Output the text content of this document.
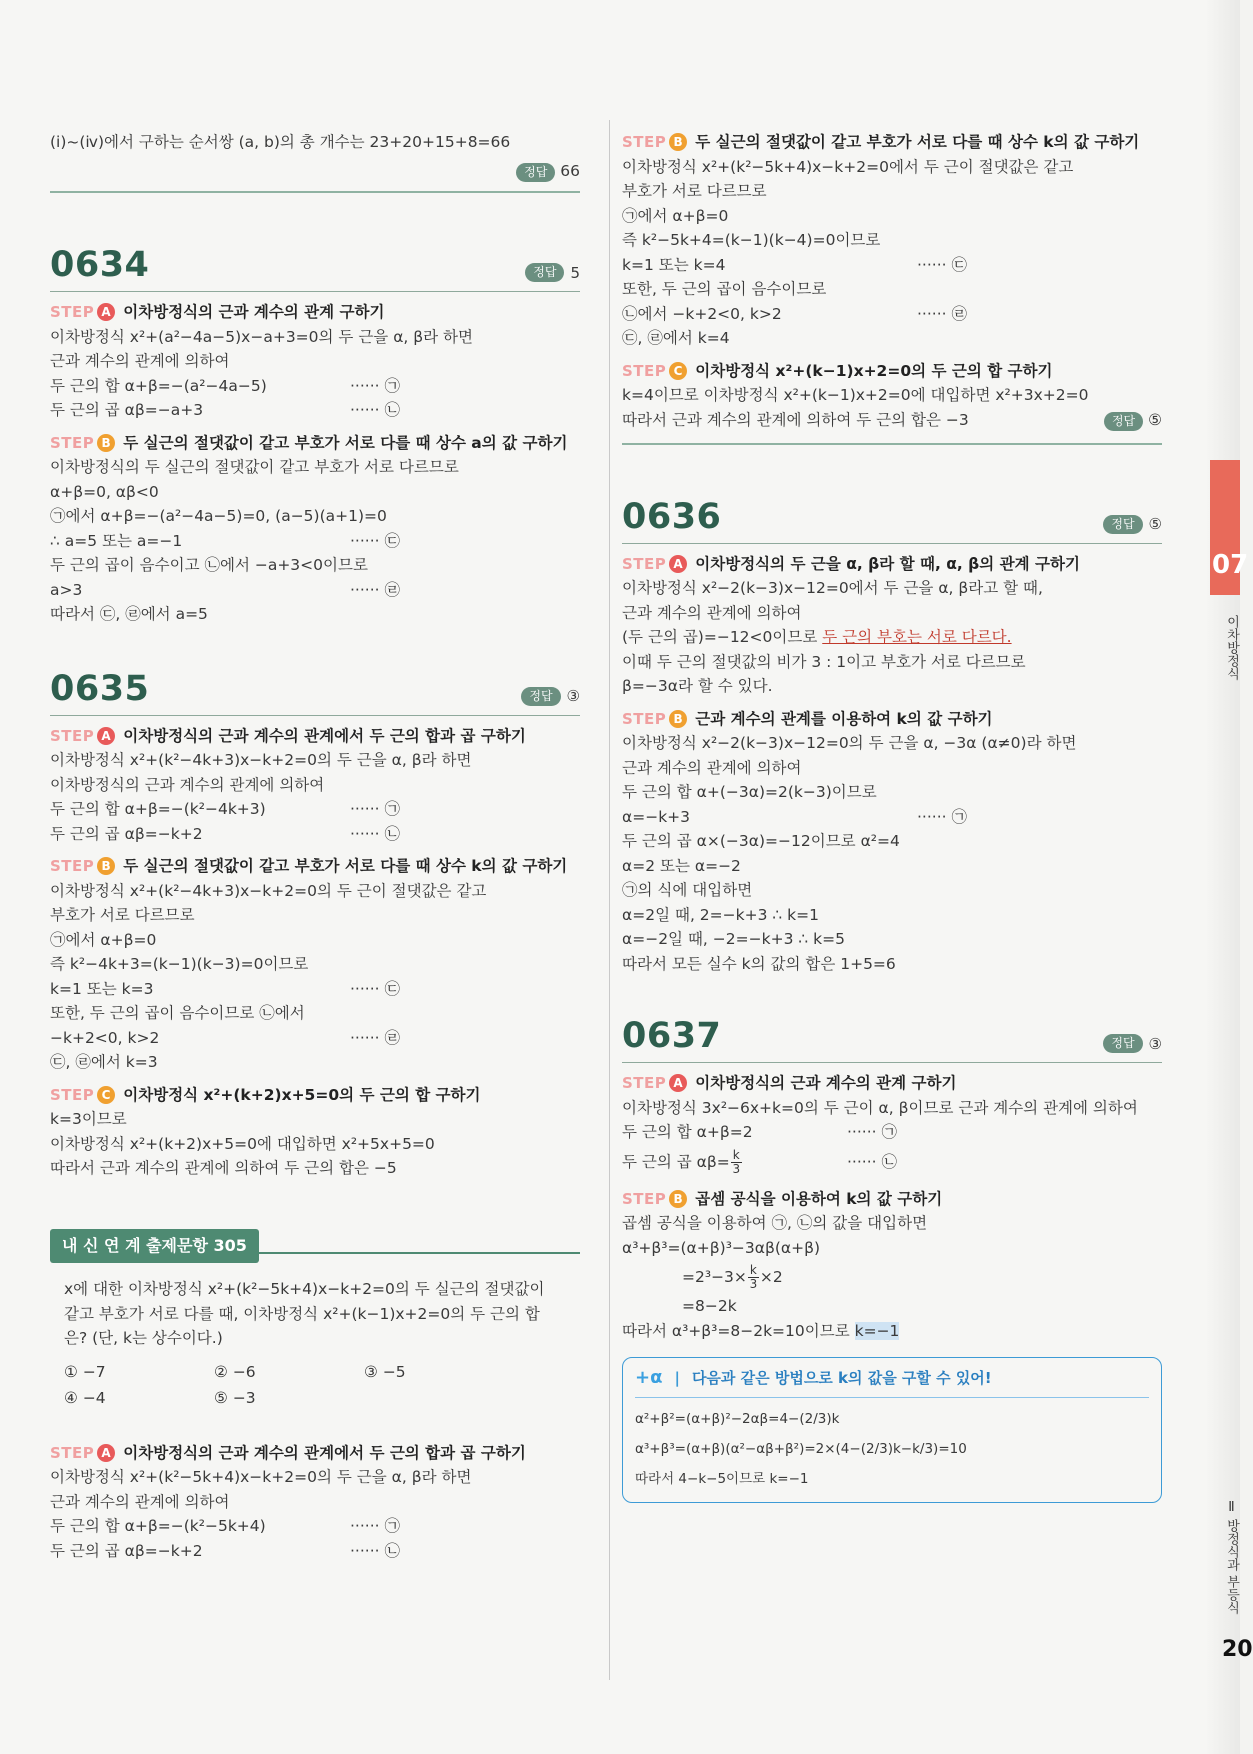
(ⅰ)~(ⅳ)에서 구하는 순서쌍 (a, b)의 총 개수는 23+20+15+8=66
정답 66
0634	정답 5
STEP A 이차방정식의 근과 계수의 관계 구하기
이차방정식 x²+(a²−4a−5)x−a+3=0의 두 근을 α, β라 하면
근과 계수의 관계에 의하여
두 근의 합 α+β=−(a²−4a−5)	······ ㉠
두 근의 곱 αβ=−a+3	······ ㉡
STEP B 두 실근의 절댓값이 같고 부호가 서로 다를 때 상수 a의 값 구하기
이차방정식의 두 실근의 절댓값이 같고 부호가 서로 다르므로
α+β=0, αβ<0
㉠에서 α+β=−(a²−4a−5)=0, (a−5)(a+1)=0
∴ a=5 또는 a=−1	······ ㉢
두 근의 곱이 음수이고 ㉡에서 −a+3<0이므로
a>3	······ ㉣
따라서 ㉢, ㉣에서 a=5
0635	정답 ③
STEP A 이차방정식의 근과 계수의 관계에서 두 근의 합과 곱 구하기
이차방정식 x²+(k²−4k+3)x−k+2=0의 두 근을 α, β라 하면
이차방정식의 근과 계수의 관계에 의하여
두 근의 합 α+β=−(k²−4k+3)	······ ㉠
두 근의 곱 αβ=−k+2	······ ㉡
STEP B 두 실근의 절댓값이 같고 부호가 서로 다를 때 상수 k의 값 구하기
이차방정식 x²+(k²−4k+3)x−k+2=0의 두 근이 절댓값은 같고
부호가 서로 다르므로
㉠에서 α+β=0
즉 k²−4k+3=(k−1)(k−3)=0이므로
k=1 또는 k=3	······ ㉢
또한, 두 근의 곱이 음수이므로 ㉡에서
−k+2<0, k>2	······ ㉣
㉢, ㉣에서 k=3
STEP C 이차방정식 x²+(k+2)x+5=0의 두 근의 합 구하기
k=3이므로
이차방정식 x²+(k+2)x+5=0에 대입하면 x²+5x+5=0
따라서 근과 계수의 관계에 의하여 두 근의 합은 −5
내 신 연 계 출제문항 305
x에 대한 이차방정식 x²+(k²−5k+4)x−k+2=0의 두 실근의 절댓값이
같고 부호가 서로 다를 때, 이차방정식 x²+(k−1)x+2=0의 두 근의 합
은? (단, k는 상수이다.)
① −7	② −6	③ −5
④ −4	⑤ −3
STEP A 이차방정식의 근과 계수의 관계에서 두 근의 합과 곱 구하기
이차방정식 x²+(k²−5k+4)x−k+2=0의 두 근을 α, β라 하면
근과 계수의 관계에 의하여
두 근의 합 α+β=−(k²−5k+4)	······ ㉠
두 근의 곱 αβ=−k+2	······ ㉡
STEP B 두 실근의 절댓값이 같고 부호가 서로 다를 때 상수 k의 값 구하기
이차방정식 x²+(k²−5k+4)x−k+2=0에서 두 근이 절댓값은 같고
부호가 서로 다르므로
㉠에서 α+β=0
즉 k²−5k+4=(k−1)(k−4)=0이므로
k=1 또는 k=4	······ ㉢
또한, 두 근의 곱이 음수이므로
㉡에서 −k+2<0, k>2	······ ㉣
㉢, ㉣에서 k=4
STEP C 이차방정식 x²+(k−1)x+2=0의 두 근의 합 구하기
k=4이므로 이차방정식 x²+(k−1)x+2=0에 대입하면 x²+3x+2=0
따라서 근과 계수의 관계에 의하여 두 근의 합은 −3	정답 ⑤
0636	정답 ⑤
STEP A 이차방정식의 두 근을 α, β라 할 때, α, β의 관계 구하기
이차방정식 x²−2(k−3)x−12=0에서 두 근을 α, β라고 할 때,
근과 계수의 관계에 의하여
(두 근의 곱)=−12<0이므로 두 근의 부호는 서로 다르다.
이때 두 근의 절댓값의 비가 3 : 1이고 부호가 서로 다르므로
β=−3α라 할 수 있다.
STEP B 근과 계수의 관계를 이용하여 k의 값 구하기
이차방정식 x²−2(k−3)x−12=0의 두 근을 α, −3α (α≠0)라 하면
근과 계수의 관계에 의하여
두 근의 합 α+(−3α)=2(k−3)이므로
α=−k+3	······ ㉠
두 근의 곱 α×(−3α)=−12이므로 α²=4
α=2 또는 α=−2
㉠의 식에 대입하면
α=2일 때, 2=−k+3 ∴ k=1
α=−2일 때, −2=−k+3 ∴ k=5
따라서 모든 실수 k의 값의 합은 1+5=6
0637	정답 ③
STEP A 이차방정식의 근과 계수의 관계 구하기
이차방정식 3x²−6x+k=0의 두 근이 α, β이므로 근과 계수의 관계에 의하여
두 근의 합 α+β=2	······ ㉠
두 근의 곱 $\alpha\beta= \frac{k}{3}$	······ ㉡
STEP B 곱셈 공식을 이용하여 k의 값 구하기
곱셈 공식을 이용하여 ㉠, ㉡의 값을 대입하면
α³+β³=(α+β)³−3αβ(α+β)
$=2^3-3\times \frac{k}{3} \times 2$
=8−2k
따라서 α³+β³=8−2k=10이므로 k=−1
+α | 다음과 같은 방법으로 k의 값을 구할 수 있어!
α²+β²=(α+β)²−2αβ=4−(2/3)k
α³+β³=(α+β)(α²−αβ+β²)=2×(4−(2/3)k−k/3)=10
따라서 4−k−5이므로 k=−1
07
이차방정식
Ⅱ 방정식과 부등식
20
